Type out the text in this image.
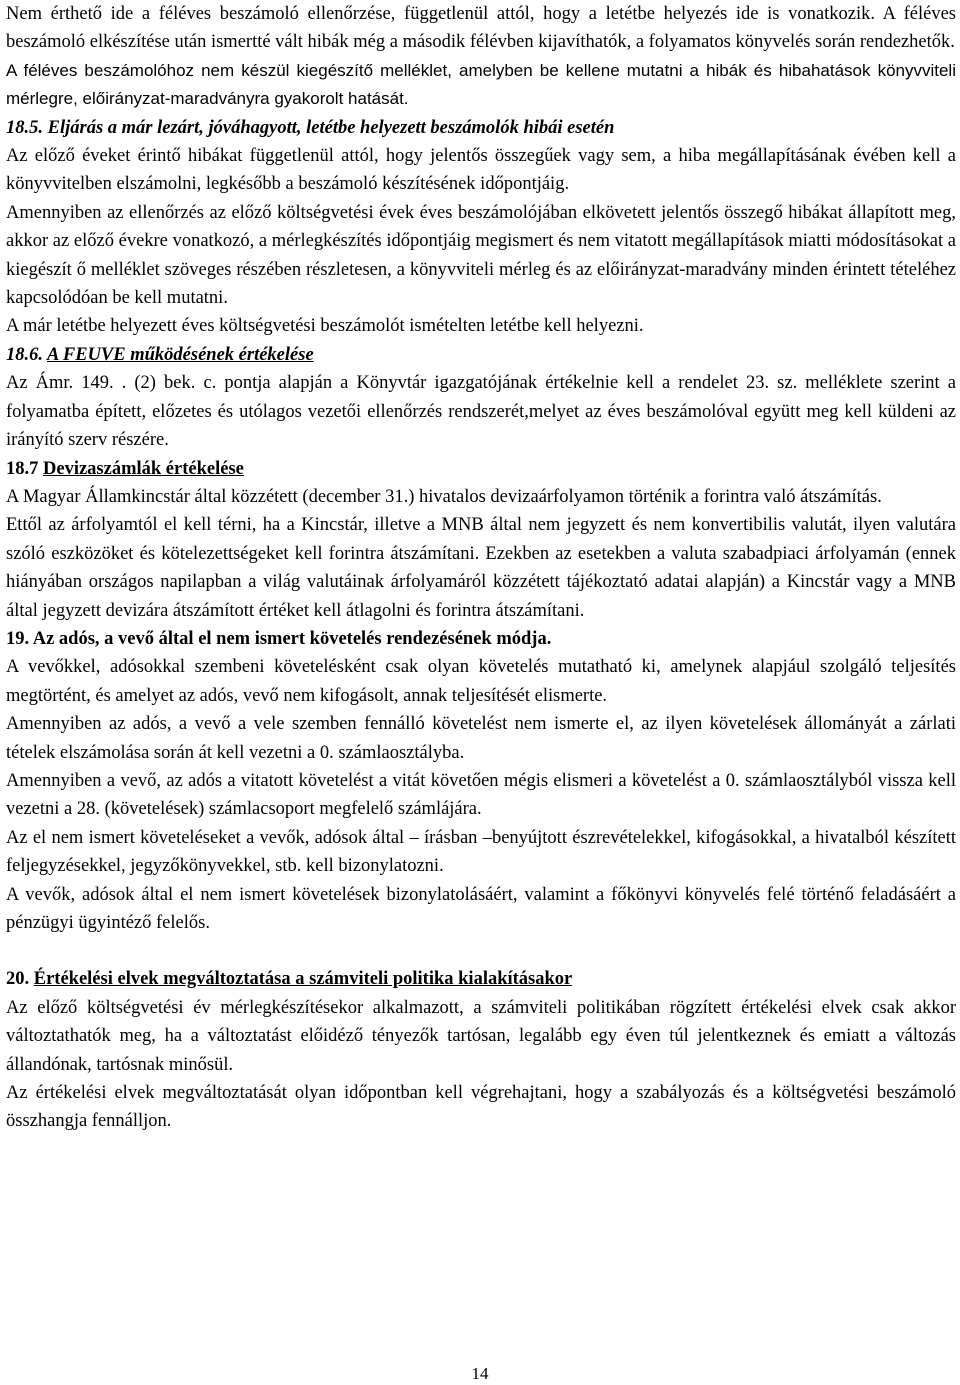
Nem érthető ide a féléves beszámoló ellenőrzése, függetlenül attól, hogy a letétbe helyezés ide is vonatkozik. A féléves beszámoló elkészítése után ismertté vált hibák még a második félévben kijavíthatók, a folyamatos könyvelés során rendezhetők.

A féléves beszámolóhoz nem készül kiegészítő melléklet, amelyben be kellene mutatni a hibák és hibahatások könyvviteli mérlegre, előirányzat-maradványra gyakorolt hatását.

18.5. Eljárás a már lezárt, jóváhagyott, letétbe helyezett beszámolók hibái esetén

Az előző éveket érintő hibákat függetlenül attól, hogy jelentős összegűek vagy sem, a hiba megállapításának évében kell a könyvvitelben elszámolni, legkésőbb a beszámoló készítésének időpontjáig.

Amennyiben az ellenőrzés az előző költségvetési évek éves beszámolójában elkövetett jelentős összegő hibákat állapított meg, akkor az előző évekre vonatkozó, a mérlegkészítés időpontjáig megismert és nem vitatott megállapítások miatti módosításokat a kiegészít ő melléklet szöveges részében részletesen, a könyvviteli mérleg és az előirányzat-maradvány minden érintett tételéhez kapcsolódóan be kell mutatni.

A már letétbe helyezett éves költségvetési beszámolót ismételten letétbe kell helyezni.

18.6. A FEUVE működésének értékelése

Az Ámr. 149. . (2) bek. c. pontja alapján a Könyvtár igazgatójának értékelnie kell a rendelet 23. sz. melléklete szerint a folyamatba épített, előzetes és utólagos vezetői ellenőrzés rendszerét,melyet az éves beszámolóval együtt meg kell küldeni az irányító szerv részére.

18.7 Devizaszámlák értékelése

A Magyar Államkincstár által közzétett (december 31.) hivatalos devizaárfolyamon történik a forintra való átszámítás.

Ettől az árfolyamtól el kell térni, ha a Kincstár, illetve a MNB által nem jegyzett és nem konvertibilis valutát, ilyen valutára szóló eszközöket és kötelezettségeket kell forintra átszámítani. Ezekben az esetekben a valuta szabadpiaci árfolyamán (ennek hiányában országos napilapban a világ valutáinak árfolyamáról közzétett tájékoztató adatai alapján) a Kincstár vagy a MNB által jegyzett devizára átszámított értéket kell átlagolni és forintra átszámítani.

19. Az adós, a vevő által el nem ismert követelés rendezésének módja.

A vevőkkel, adósokkal szembeni követelésként csak olyan követelés mutatható ki, amelynek alapjául szolgáló teljesítés megtörtént, és amelyet az adós, vevő nem kifogásolt, annak teljesítését elismerte.

Amennyiben az adós, a vevő a vele szemben fennálló követelést nem ismerte el, az ilyen követelések állományát a zárlati tételek elszámolása során át kell vezetni a 0. számlaosztályba.

Amennyiben a vevő, az adós a vitatott követelést a vitát követően mégis elismeri a követelést a 0. számlaosztályból vissza kell vezetni a 28. (követelések) számlacsoport megfelelő számlájára.

Az el nem ismert követeléseket a vevők, adósok által – írásban –benyújtott észrevételekkel, kifogásokkal, a hivatalból készített feljegyzésekkel, jegyzőkönyvekkel, stb. kell bizonylatozni.

A vevők, adósok által el nem ismert követelések bizonylatolásáért, valamint a főkönyvi könyvelés felé történő feladásáért a pénzügyi ügyintéző felelős.

20. Értékelési elvek megváltoztatása a számviteli politika kialakításakor

Az előző költségvetési év mérlegkészítésekor alkalmazott, a számviteli politikában rögzített értékelési elvek csak akkor változtathatók meg, ha a változtatást előidéző tényezők tartósan, legalább egy éven túl jelentkeznek és emiatt a változás állandónak, tartósnak minősül.

Az értékelési elvek megváltoztatását olyan időpontban kell végrehajtani, hogy a szabályozás és a költségvetési beszámoló összhangja fennálljon.

14
